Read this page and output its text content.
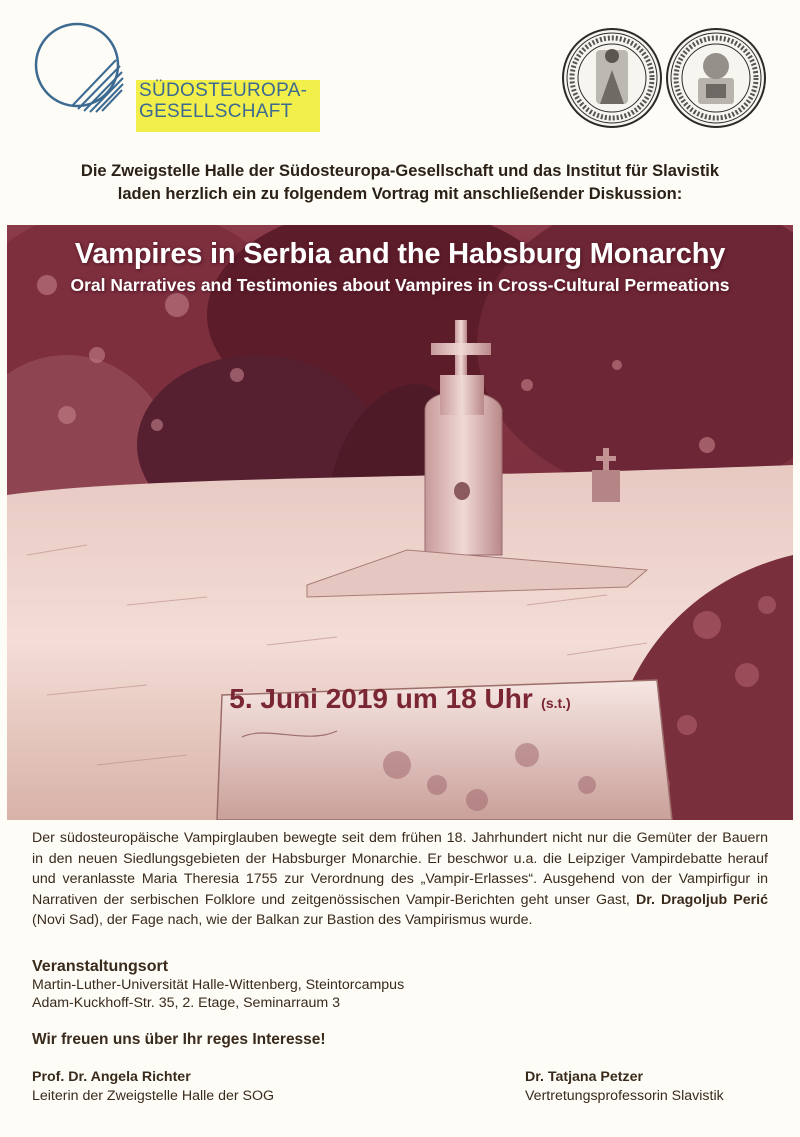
SÜDOSTEUROPA-
GESELLSCHAFT
Die Zweigstelle Halle der Südosteuropa-Gesellschaft und das Institut für Slavistik
laden herzlich ein zu folgendem Vortrag mit anschließender Diskussion:
Vampires in Serbia and the Habsburg Monarchy
Oral Narratives and Testimonies about Vampires in Cross-Cultural Permeations
5. Juni 2019 um 18 Uhr (s.t.)
Der südosteuropäische Vampirglauben bewegte seit dem frühen 18. Jahrhundert nicht nur die Gemüter der Bauern in den neuen Siedlungsgebieten der Habsburger Monarchie. Er beschwor u.a. die Leipziger Vampirdebatte herauf und veranlasste Maria Theresia 1755 zur Verordnung des „Vampir-Erlasses“. Ausgehend von der Vampirfigur in Narrativen der serbischen Folklore und zeitgenössischen Vampir-Berichten geht unser Gast, Dr. Dragoljub Perić (Novi Sad), der Fage nach, wie der Balkan zur Bastion des Vampirismus wurde.
Veranstaltungsort
Martin-Luther-Universität Halle-Wittenberg, Steintorcampus
Adam-Kuckhoff-Str. 35, 2. Etage, Seminarraum 3
Wir freuen uns über Ihr reges Interesse!
Prof. Dr. Angela Richter
Leiterin der Zweigstelle Halle der SOG
Dr. Tatjana Petzer
Vertretungsprofessorin Slavistik
